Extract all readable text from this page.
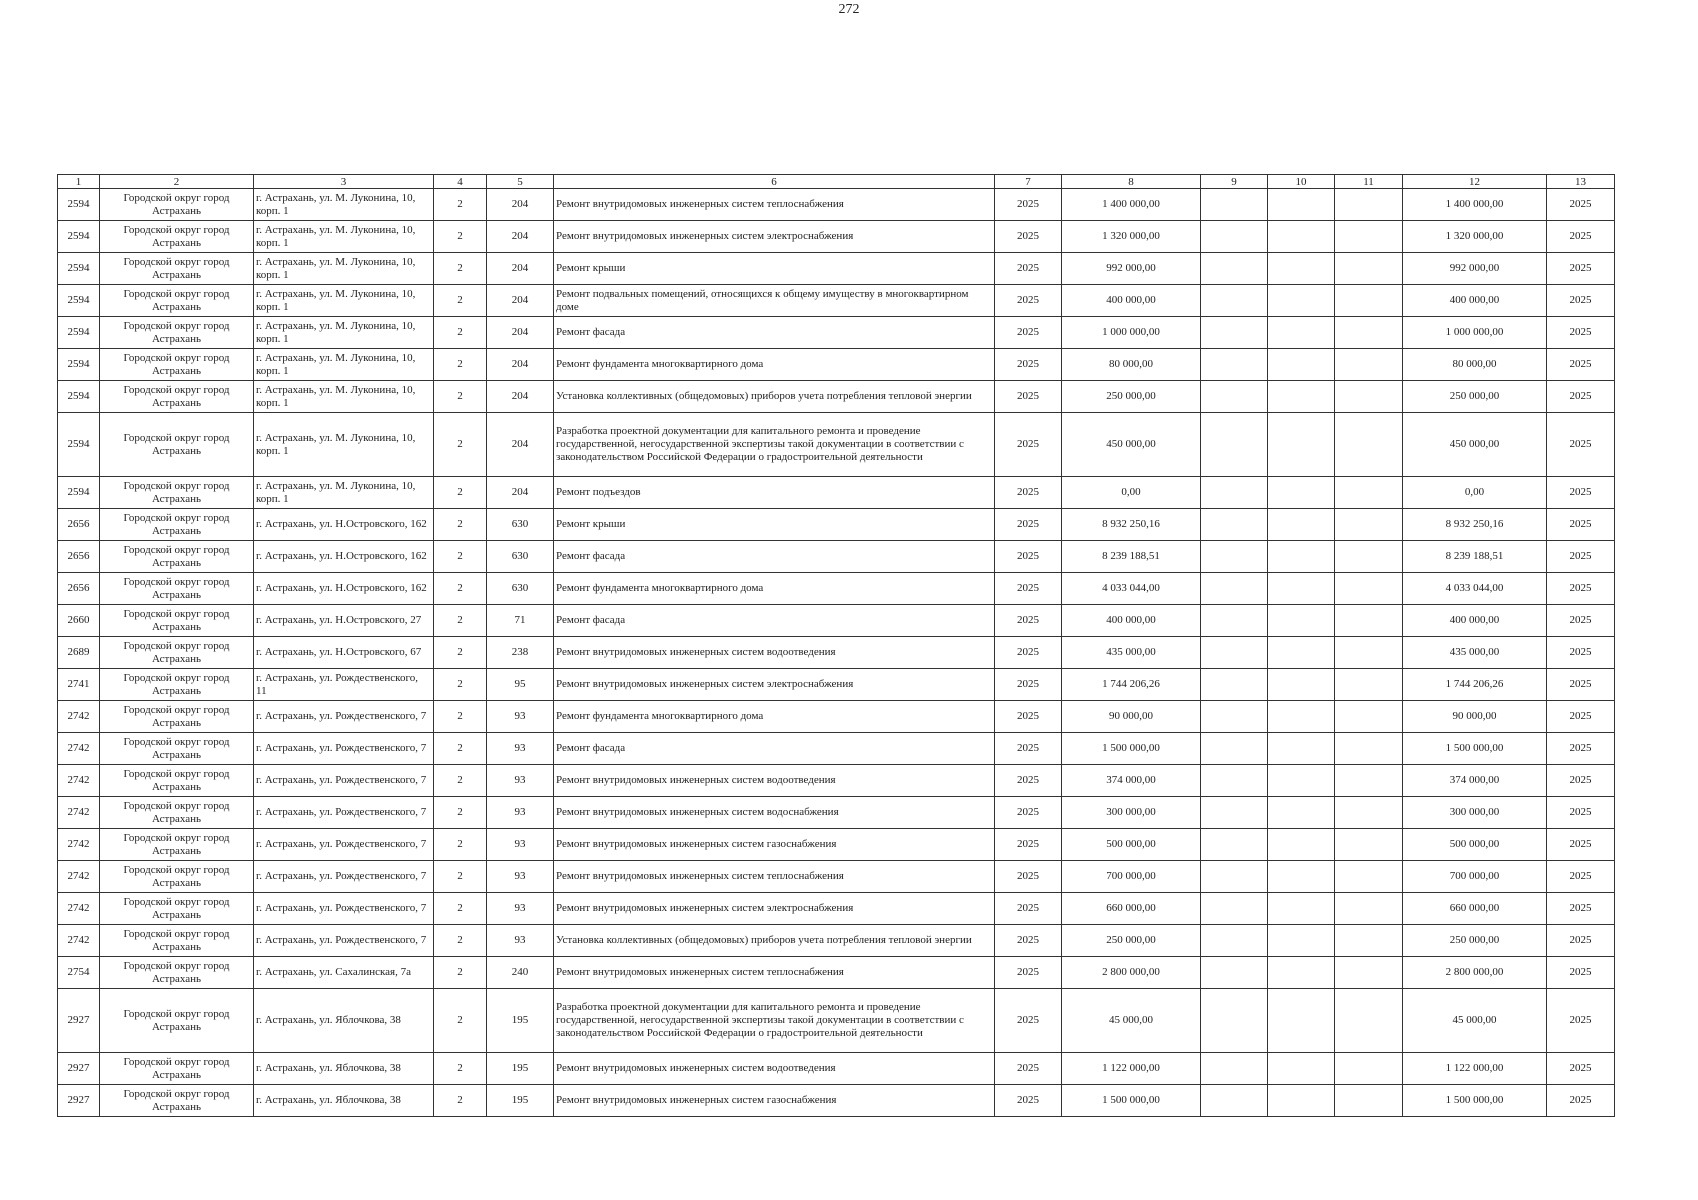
272
1	2	3	4	5	6	7	8	9	10	11	12	13
2594	Городской округ город Астрахань	г. Астрахань, ул. М. Луконина, 10, корп. 1	2	204	Ремонт внутридомовых инженерных систем теплоснабжения	2025	1 400 000,00				1 400 000,00	2025
2594	Городской округ город Астрахань	г. Астрахань, ул. М. Луконина, 10, корп. 1	2	204	Ремонт внутридомовых инженерных систем электроснабжения	2025	1 320 000,00				1 320 000,00	2025
2594	Городской округ город Астрахань	г. Астрахань, ул. М. Луконина, 10, корп. 1	2	204	Ремонт крыши	2025	992 000,00				992 000,00	2025
2594	Городской округ город Астрахань	г. Астрахань, ул. М. Луконина, 10, корп. 1	2	204	Ремонт подвальных помещений, относящихся к общему имуществу в многоквартирном доме	2025	400 000,00				400 000,00	2025
2594	Городской округ город Астрахань	г. Астрахань, ул. М. Луконина, 10, корп. 1	2	204	Ремонт фасада	2025	1 000 000,00				1 000 000,00	2025
2594	Городской округ город Астрахань	г. Астрахань, ул. М. Луконина, 10, корп. 1	2	204	Ремонт фундамента многоквартирного дома	2025	80 000,00				80 000,00	2025
2594	Городской округ город Астрахань	г. Астрахань, ул. М. Луконина, 10, корп. 1	2	204	Установка коллективных (общедомовых) приборов учета потребления тепловой энергии	2025	250 000,00				250 000,00	2025
2594	Городской округ город Астрахань	г. Астрахань, ул. М. Луконина, 10, корп. 1	2	204	Разработка проектной документации для капитального ремонта и проведение государственной, негосударственной экспертизы такой документации в соответствии с законодательством Российской Федерации о градостроительной деятельности	2025	450 000,00				450 000,00	2025
2594	Городской округ город Астрахань	г. Астрахань, ул. М. Луконина, 10, корп. 1	2	204	Ремонт подъездов	2025	0,00				0,00	2025
2656	Городской округ город Астрахань	г. Астрахань, ул. Н.Островского, 162	2	630	Ремонт крыши	2025	8 932 250,16				8 932 250,16	2025
2656	Городской округ город Астрахань	г. Астрахань, ул. Н.Островского, 162	2	630	Ремонт фасада	2025	8 239 188,51				8 239 188,51	2025
2656	Городской округ город Астрахань	г. Астрахань, ул. Н.Островского, 162	2	630	Ремонт фундамента многоквартирного дома	2025	4 033 044,00				4 033 044,00	2025
2660	Городской округ город Астрахань	г. Астрахань, ул. Н.Островского, 27	2	71	Ремонт фасада	2025	400 000,00				400 000,00	2025
2689	Городской округ город Астрахань	г. Астрахань, ул. Н.Островского, 67	2	238	Ремонт внутридомовых инженерных систем водоотведения	2025	435 000,00				435 000,00	2025
2741	Городской округ город Астрахань	г. Астрахань, ул. Рождественского, 11	2	95	Ремонт внутридомовых инженерных систем электроснабжения	2025	1 744 206,26				1 744 206,26	2025
2742	Городской округ город Астрахань	г. Астрахань, ул. Рождественского, 7	2	93	Ремонт фундамента многоквартирного дома	2025	90 000,00				90 000,00	2025
2742	Городской округ город Астрахань	г. Астрахань, ул. Рождественского, 7	2	93	Ремонт фасада	2025	1 500 000,00				1 500 000,00	2025
2742	Городской округ город Астрахань	г. Астрахань, ул. Рождественского, 7	2	93	Ремонт внутридомовых инженерных систем водоотведения	2025	374 000,00				374 000,00	2025
2742	Городской округ город Астрахань	г. Астрахань, ул. Рождественского, 7	2	93	Ремонт внутридомовых инженерных систем водоснабжения	2025	300 000,00				300 000,00	2025
2742	Городской округ город Астрахань	г. Астрахань, ул. Рождественского, 7	2	93	Ремонт внутридомовых инженерных систем газоснабжения	2025	500 000,00				500 000,00	2025
2742	Городской округ город Астрахань	г. Астрахань, ул. Рождественского, 7	2	93	Ремонт внутридомовых инженерных систем теплоснабжения	2025	700 000,00				700 000,00	2025
2742	Городской округ город Астрахань	г. Астрахань, ул. Рождественского, 7	2	93	Ремонт внутридомовых инженерных систем электроснабжения	2025	660 000,00				660 000,00	2025
2742	Городской округ город Астрахань	г. Астрахань, ул. Рождественского, 7	2	93	Установка коллективных (общедомовых) приборов учета потребления тепловой энергии	2025	250 000,00				250 000,00	2025
2754	Городской округ город Астрахань	г. Астрахань, ул. Сахалинская, 7а	2	240	Ремонт внутридомовых инженерных систем теплоснабжения	2025	2 800 000,00				2 800 000,00	2025
2927	Городской округ город Астрахань	г. Астрахань, ул. Яблочкова, 38	2	195	Разработка проектной документации для капитального ремонта и проведение государственной, негосударственной экспертизы такой документации в соответствии с законодательством Российской Федерации о градостроительной деятельности	2025	45 000,00				45 000,00	2025
2927	Городской округ город Астрахань	г. Астрахань, ул. Яблочкова, 38	2	195	Ремонт внутридомовых инженерных систем водоотведения	2025	1 122 000,00				1 122 000,00	2025
2927	Городской округ город Астрахань	г. Астрахань, ул. Яблочкова, 38	2	195	Ремонт внутридомовых инженерных систем газоснабжения	2025	1 500 000,00				1 500 000,00	2025
